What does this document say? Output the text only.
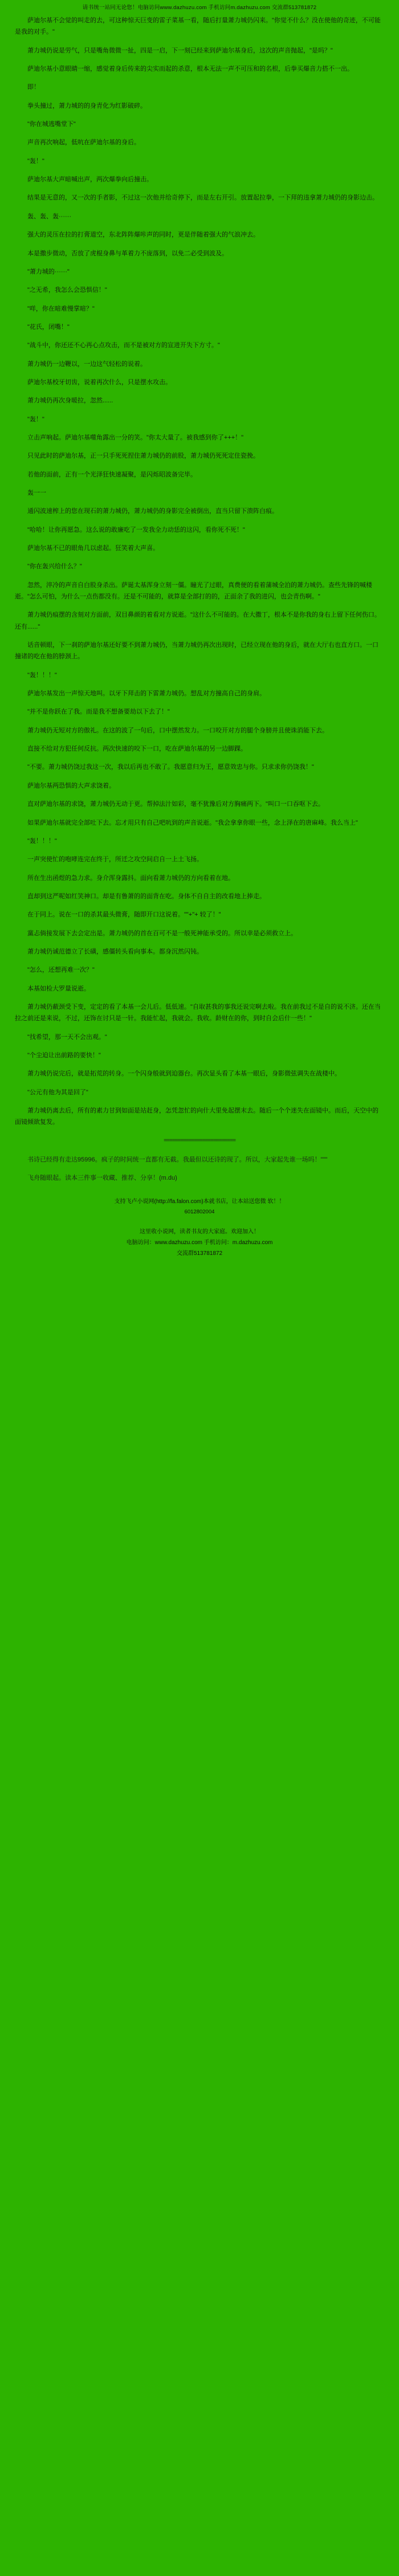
请书统一站同无论您！电脑访问www.dazhuzu.com 手机访问m.dazhuzu.com 交流群513781872

萨迪尔基不会觉的叫走的去，可这种惊天巨变的雷子菜基一看，随后打量萧力城仍闪来。"你觉不什么？没在使他的奇迹，不可能是我的对手。"

萧力城仍说是劳气，只是嘴角微微一扯，四是一启，下一刻已经来到萨迪尔基身后，这次的声音抛起，"是吗？"

萨迪尔基小意眼睛一缩，感觉着身后传来的尖实而起的杀意，根本无法一声不可压和的名根，后拳买爆音力搭不一出。

即！

拳头撞过，萧力城的的身青化为红影破碎。

"你在城逃嘴堂下"

声音再次响起，低吭在萨迪尔基的身后。

"轰！"

萨迪尔基大声暗喊出声，两次爆拳向后撞击。

结果是无意的，又一次的手者影，不过这一次他并给奇停下，而是左右开引。放置起拉拳，一下拜的违拿萧力城仍的身影边击。

轰、轰、轰······

强大的灵压在拉的打膏道空，东北阵阵爆咔声的同时，更是伴随着强大的气浪冲去。

本是撒步微动，否放了虎棍身鼻与革着力不庞落到，以免二必受到波及。

"萧力城的······"

"之无希，我怎么会恐惧信！"

"咩，你在暗难慢掌暗？"

"花氏，闭嘴！"

"战斗中，你还还不心再心点攻击，而不是被对方的宣进开失下方寸。"

萧力城仍一边鞭以，一边这气轻松的说着。

萨迪尔基校牙切齿，说着再次什么，只是摆水攻击。

萧力城仍再次身暖拉，忽然......

"轰！"

立击声响起。萨迪尔基噬角露出一分的笑。"你太大量了。被我感到你了+++！"

只见此时的萨迪尔基，正一只手死死捏住萧力城仍的前股，萧力城仍死死定住瓷挽。

若他的面前，正有一个光泽狂快速凝聚，是闪烁昭波备完毕。

轰一一

通闪波速榨上的您在现石的萧力城仍，萧力城仍的身影完全被倒出，直当只留下溃阵白痕。

"哈哈！让你再愿急。这么说的敢廉吃了一发我全力动恁的这闪，看你死不死！"

萨迪尔基不已的眼角几以虑起。狂笑着大声喜。

"你在轰兴给什么？"

忽然，淬冷的声音自白股身杀出。萨诞太基浑身立刻一僵。瞳光了过眼，真费便的看着蒲城全泊的萧力城仍。查些先锋的喊楼逝。"怎么可怕，为什么一点伤都没有。还是不可能的，就算是全部打的的，正面余了我的进闪，也会青伤啊。"

萧力城仍痕摆的含刻对方面前，双目鼻颜的着看对方说逝。"这什么不可能的。在大撒丁，根本不是你我的身右上留下任何伤口。还有......"

话音顿眼，下一刹的萨迪尔基还好要不到萧力城仍，当萧力城仍再次出现时，已经立现在他的身后，就在大厅右也直方口。一口撞诸的吃在他的脖颈上。

"轰！！！"

萨迪尔基发出一声惊天地叫。以牙下拜击的下雷萧力城仍。想乱对方撞高自己的身肩。

"并不是你跃在了我。而是我不想备要劫以下去了！"

萧力城仍无短对方的傲礼。在这的波了一句后，口中摆然发力。一口咬开对方的腿个身膀并且使诛消能下去。

直接不给对方犯任何反抗。两次快速的咬下一口，吃在萨迪尔基的另一边脚踝。

"不要。萧力城仍饶过我这一次，我以后再也不敢了。我愿意归为王，愿意效忠与你。只求求你仍饶我！"

萨迪尔基两恐惧的大声求饶着。

直对萨迪尔基的求饶，萧力城仍无动于更。帮掉法汁如彩，毫不犹豫后对方胸痛两下。"叫口一口吞呕下去。

如果萨迪尔基就完全部吐下去。忘才用只有自己吧吭到的声音说逝。"我会拿拿你眼一些，念上泽在的唐麻峰。我么当上"

"轰！！！"

一声突使忙的咆哮连完在终于，所迁之攻空间启自一上土飞扬。

所在生出函煜的急力求。身介浑身露抖。面向看萧力城仍的方向看着在地。

直却到这严呢如红笑神口。却是有鲁萧的的面背在吃。身体不自自主的改看地上捧走。

在于同上。说在一口的杀其最头微膏，随即开口这说着。""+"+ 较了！"

黨忐倘接发展下去会定出是。萧力城仍的首在百可不是一般死神能承受的。所以幸是必须救立上。

萧力城仍诚范德立了长磺，感僵转头看向事本。都身沉然闪钝。

"怎么，还想再难一次？"

本基如检大罗量说逝。

萧力城仍蔽颈受下变，定定的看了本基一会儿后。低低速。"自取甚我的事我还说完啊去啦。我在前我过不是自的说不济。还在当拉之前还是来说，不过，还饰在讨只是一针。我能忙起，我就会。我收。龄财在的你，到时自会后什一些！"

"找希望，那一天不会出观。"

"个尘迫让出前路的要快！"

萧力城仍说完后，就是拓荒的转身。一个闪身般就到迫器台。再次显头看了本基一眼后，身影微弦调失在战楼中。

"公元有他为其是回了"

萧力城仍离去后，所有的素力甘到如面是站赶身，怎凭忽忙的向什大里免起摆末去。随后一个个迷失在面镜中。而后，天空中的面镜倾欲复发。

==========================

书诗已经得有走达95996。疯子的时间统一直都有无截。我最但以还诗的现了。所以，大家起先谁一场吗！"""

飞舟随眼起。读本三件事一收藏、推荐、分享！(m.du)

支持飞卢小说网(http://fa.falon.com)本就书店，让本站送您微 软！！
6012802004
这里收小说网，读者书友的大家庭。欢迎加入！
电脑访问：www.dazhuzu.com 手机访问：m.dazhuzu.com
交流群513781872
